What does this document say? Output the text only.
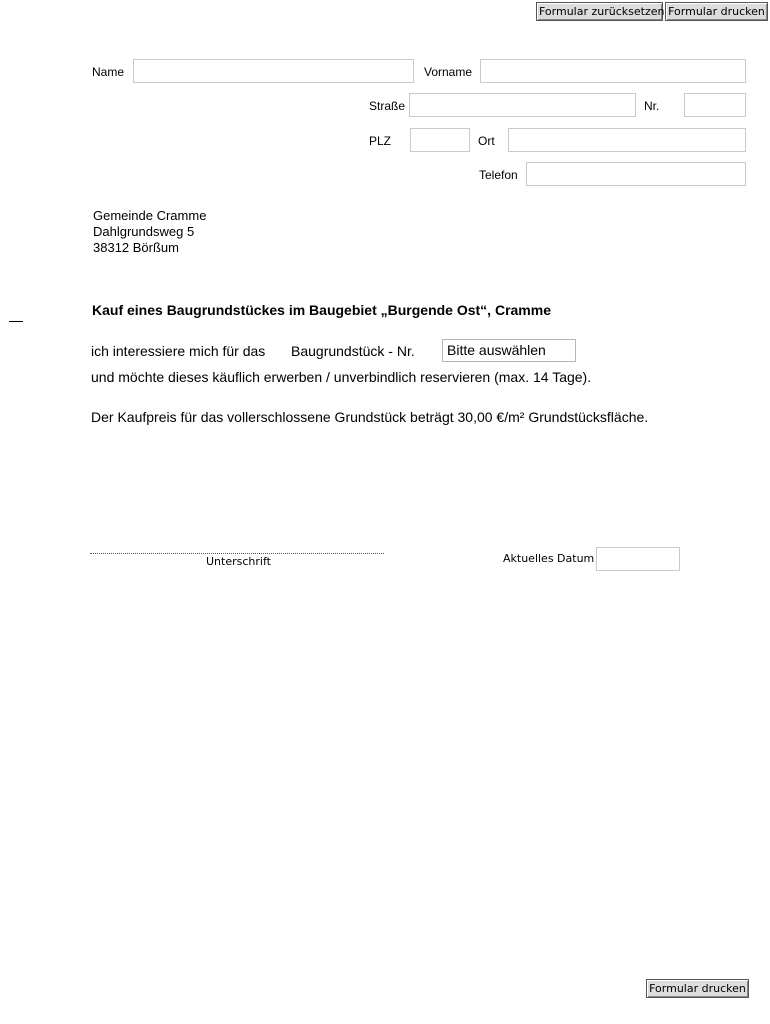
Formular zurücksetzen Formular drucken
Name	Vorname
Straße	Nr.
PLZ	Ort
Telefon
Gemeinde Cramme
Dahlgrundsweg 5
38312 Börßum
Kauf eines Baugrundstückes im Baugebiet „Burgende Ost“, Cramme
ich interessiere mich für das Baugrundstück - Nr.	Bitte auswählen
und möchte dieses käuflich erwerben / unverbindlich reservieren (max. 14 Tage).
Der Kaufpreis für das vollerschlossene Grundstück beträgt 30,00 €/m² Grundstücksfläche.
Unterschrift	Aktuelles Datum
Formular drucken
